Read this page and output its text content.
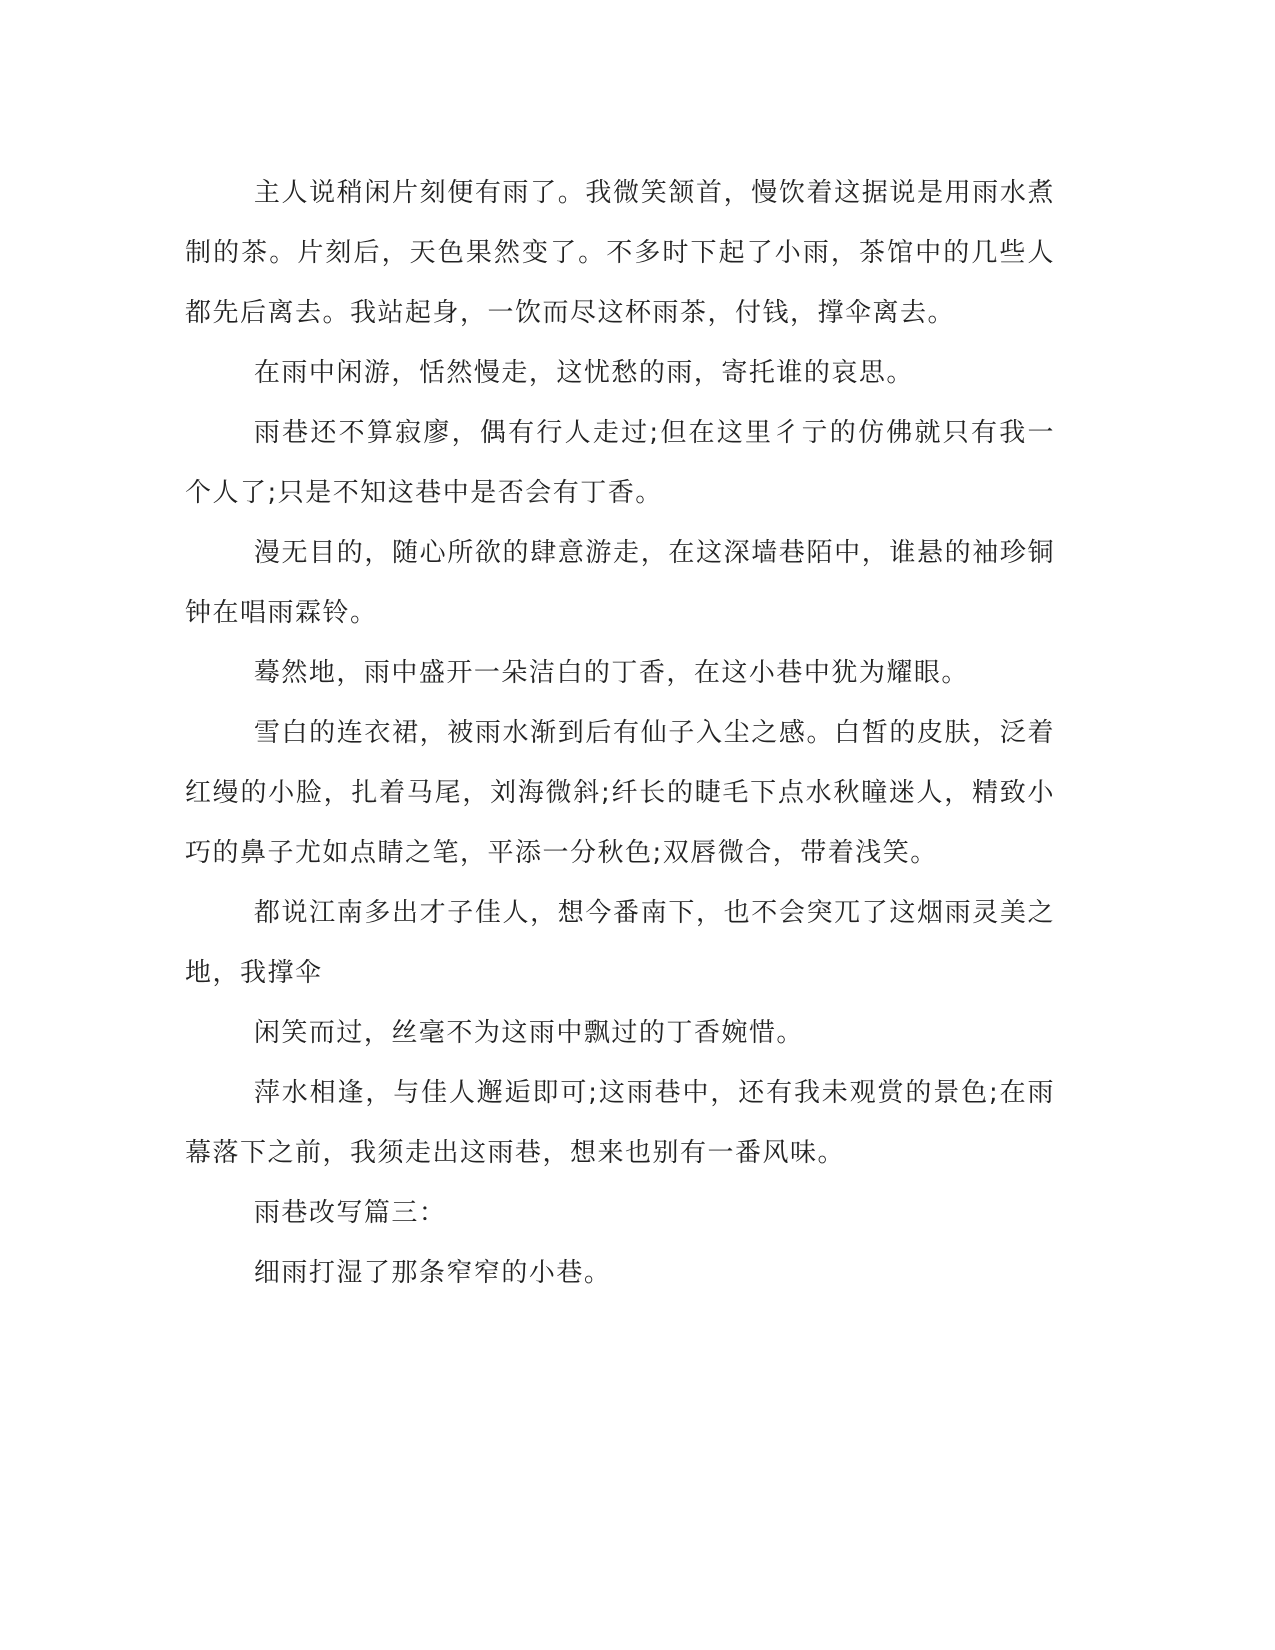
主人说稍闲片刻便有雨了。我微笑颔首，慢饮着这据说是用雨水煮制的茶。片刻后，天色果然变了。不多时下起了小雨，茶馆中的几些人都先后离去。我站起身，一饮而尽这杯雨茶，付钱，撑伞离去。

在雨中闲游，恬然慢走，这忧愁的雨，寄托谁的哀思。

雨巷还不算寂廖，偶有行人走过;但在这里彳亍的仿佛就只有我一个人了;只是不知这巷中是否会有丁香。

漫无目的，随心所欲的肆意游走，在这深墙巷陌中，谁悬的袖珍铜钟在唱雨霖铃。

蓦然地，雨中盛开一朵洁白的丁香，在这小巷中犹为耀眼。

雪白的连衣裙，被雨水渐到后有仙子入尘之感。白皙的皮肤，泛着红缦的小脸，扎着马尾，刘海微斜;纤长的睫毛下点水秋瞳迷人，精致小巧的鼻子尤如点睛之笔，平添一分秋色;双唇微合，带着浅笑。

都说江南多出才子佳人，想今番南下，也不会突兀了这烟雨灵美之地，我撑伞

闲笑而过，丝毫不为这雨中飘过的丁香婉惜。

萍水相逢，与佳人邂逅即可;这雨巷中，还有我未观赏的景色;在雨幕落下之前，我须走出这雨巷，想来也别有一番风味。

雨巷改写篇三：

细雨打湿了那条窄窄的小巷。
